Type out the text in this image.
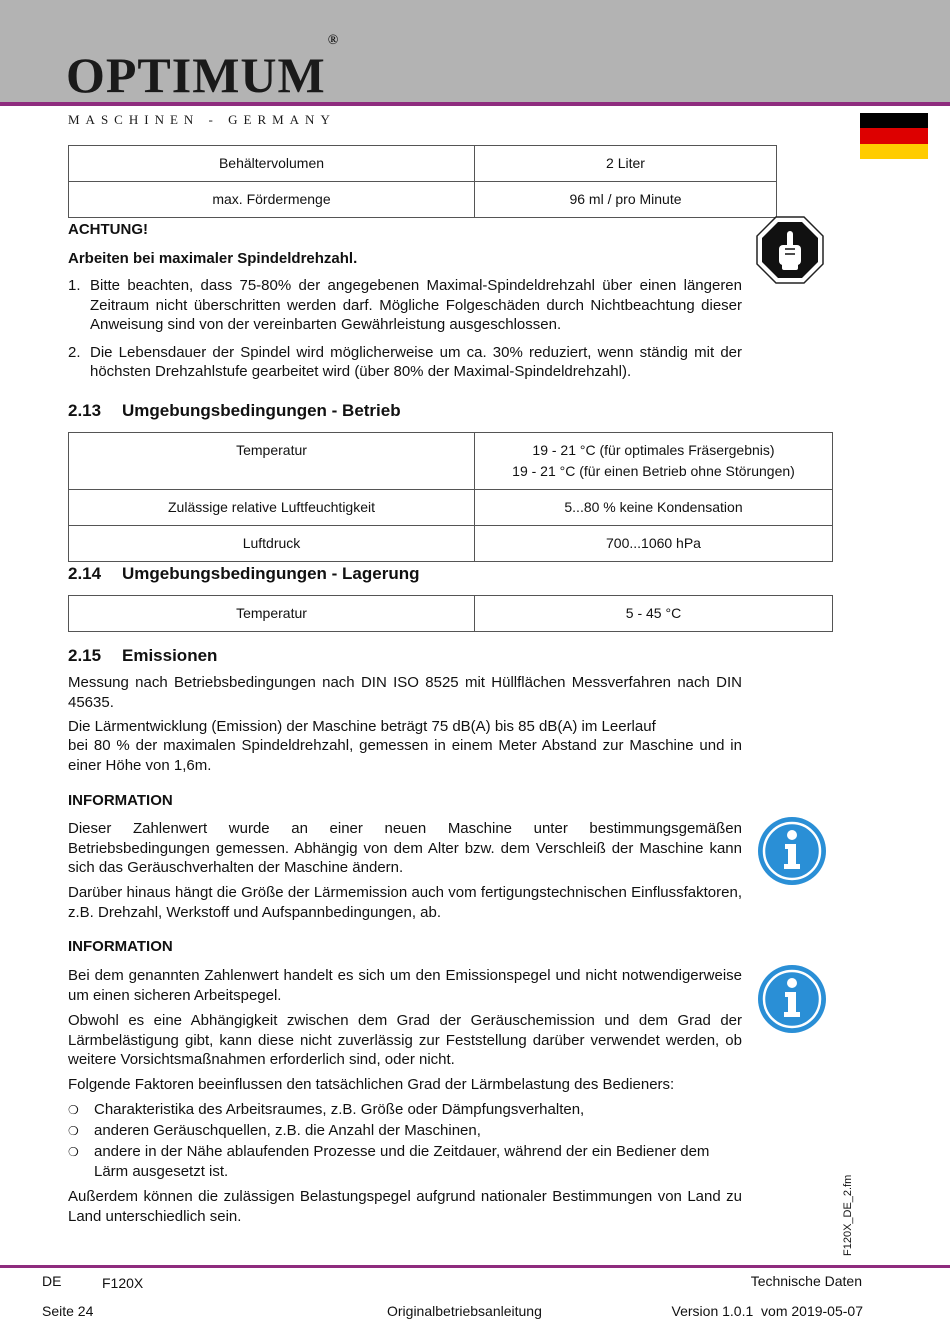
OPTIMUM®
MASCHINEN - GERMANY
Behältervolumen	2 Liter
max. Fördermenge	96 ml / pro Minute
ACHTUNG!
Arbeiten bei maximaler Spindeldrehzahl.
1. Bitte beachten, dass 75-80% der angegebenen Maximal-Spindeldrehzahl über einen längeren Zeitraum nicht überschritten werden darf. Mögliche Folgeschäden durch Nichtbeachtung dieser Anweisung sind von der vereinbarten Gewährleistung ausgeschlossen.
2. Die Lebensdauer der Spindel wird möglicherweise um ca. 30% reduziert, wenn ständig mit der höchsten Drehzahlstufe gearbeitet wird (über 80% der Maximal-Spindeldrehzahl).
2.13 Umgebungsbedingungen - Betrieb
Temperatur	19 - 21 °C (für optimales Fräsergebnis)
19 - 21 °C (für einen Betrieb ohne Störungen)

Zulässige relative Luftfeuchtigkeit	5...80 % keine Kondensation
Luftdruck	700...1060 hPa
2.14 Umgebungsbedingungen - Lagerung
Temperatur	5 - 45 °C
2.15 Emissionen
Messung nach Betriebsbedingungen nach DIN ISO 8525 mit Hüllflächen Messverfahren nach DIN 45635.
Die Lärmentwicklung (Emission) der Maschine beträgt 75 dB(A) bis 85 dB(A) im Leerlauf
bei 80 % der maximalen Spindeldrehzahl, gemessen in einem Meter Abstand zur Maschine und in einer Höhe von 1,6m.
INFORMATION
Dieser Zahlenwert wurde an einer neuen Maschine unter bestimmungsgemäßen Betriebsbedingungen gemessen. Abhängig von dem Alter bzw. dem Verschleiß der Maschine kann sich das Geräuschverhalten der Maschine ändern.
Darüber hinaus hängt die Größe der Lärmemission auch vom fertigungstechnischen Einflussfaktoren, z.B. Drehzahl, Werkstoff und Aufspannbedingungen, ab.
INFORMATION
Bei dem genannten Zahlenwert handelt es sich um den Emissionspegel und nicht notwendigerweise um einen sicheren Arbeitspegel.
Obwohl es eine Abhängigkeit zwischen dem Grad der Geräuschemission und dem Grad der Lärmbelästigung gibt, kann diese nicht zuverlässig zur Feststellung darüber verwendet werden, ob weitere Vorsichtsmaßnahmen erforderlich sind, oder nicht.
Folgende Faktoren beeinflussen den tatsächlichen Grad der Lärmbelastung des Bedieners:
❍	Charakteristika des Arbeitsraumes, z.B. Größe oder Dämpfungsverhalten,
❍	anderen Geräuschquellen, z.B. die Anzahl der Maschinen,
❍	andere in der Nähe ablaufenden Prozesse und die Zeitdauer, während der ein Bediener dem Lärm ausgesetzt ist.
Außerdem können die zulässigen Belastungspegel aufgrund nationaler Bestimmungen von Land zu Land unterschiedlich sein.	F120X_DE_2.fm
DE	F120X	Technische Daten
Seite 24	Originalbetriebsanleitung	Version 1.0.1  vom 2019-05-07
